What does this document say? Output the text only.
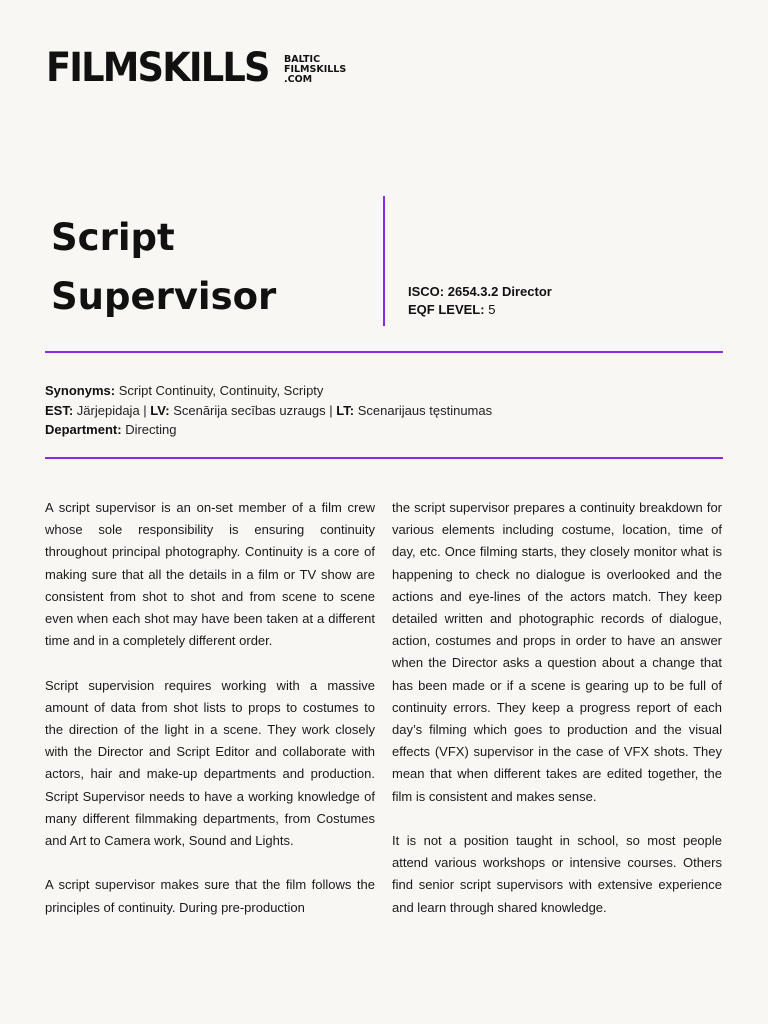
FILMSKILLS BALTIC
FILMSKILLS
.COM
Script
Supervisor	ISCO: 2654.3.2 Director
EQF LEVEL: 5
Synonyms: Script Continuity, Continuity, Scripty
EST: Järjepidaja | LV: Scenārija secības uzraugs | LT: Scenarijaus tęstinumas
Department: Directing

A script supervisor is an on-set member of a film crew whose sole responsibility is ensuring continuity throughout principal photography. Continuity is a core of making sure that all the details in a film or TV show are consistent from shot to shot and from scene to scene even when each shot may have been taken at a different time and in a completely different order.

Script supervision requires working with a massive amount of data from shot lists to props to costumes to the direction of the light in a scene. They work closely with the Director and Script Editor and collaborate with actors, hair and make-up departments and production. Script Supervisor needs to have a working knowledge of many different filmmaking departments, from Costumes and Art to Camera work, Sound and Lights.

A script supervisor makes sure that the film follows the principles of continuity. During pre-production

the script supervisor prepares a continuity breakdown for various elements including costume, location, time of day, etc. Once filming starts, they closely monitor what is happening to check no dialogue is overlooked and the actions and eye-lines of the actors match. They keep detailed written and photographic records of dialogue, action, costumes and props in order to have an answer when the Director asks a question about a change that has been made or if a scene is gearing up to be full of continuity errors. They keep a progress report of each day’s filming which goes to production and the visual effects (VFX) supervisor in the case of VFX shots. They mean that when different takes are edited together, the film is consistent and makes sense.

It is not a position taught in school, so most people attend various workshops or intensive courses. Others find senior script supervisors with extensive experience and learn through shared knowledge.
